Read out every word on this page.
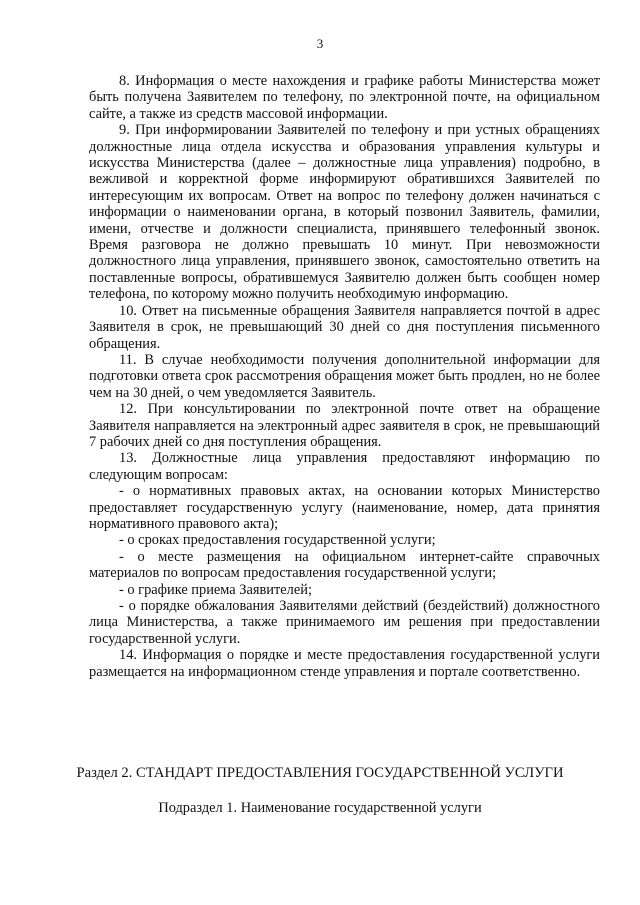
3

8. Информация о месте нахождения и графике работы Министерства может быть получена Заявителем по телефону, по электронной почте, на официальном сайте, а также из средств массовой информации.

9. При информировании Заявителей по телефону и при устных обращениях должностные лица отдела искусства и образования управления культуры и искусства Министерства (далее – должностные лица управления) подробно, в вежливой и корректной форме информируют обратившихся Заявителей по интересующим их вопросам. Ответ на вопрос по телефону должен начинаться с информации о наименовании органа, в который позвонил Заявитель, фамилии, имени, отчестве и должности специалиста, принявшего телефонный звонок. Время разговора не должно превышать 10 минут. При невозможности должностного лица управления, принявшего звонок, самостоятельно ответить на поставленные вопросы, обратившемуся Заявителю должен быть сообщен номер телефона, по которому можно получить необходимую информацию.

10. Ответ на письменные обращения Заявителя направляется почтой в адрес Заявителя в срок, не превышающий 30 дней со дня поступления письменного обращения.

11. В случае необходимости получения дополнительной информации для подготовки ответа срок рассмотрения обращения может быть продлен, но не более чем на 30 дней, о чем уведомляется Заявитель.

12. При консультировании по электронной почте ответ на обращение Заявителя направляется на электронный адрес заявителя в срок, не превышающий 7 рабочих дней со дня поступления обращения.

13. Должностные лица управления предоставляют информацию по следующим вопросам:

- о нормативных правовых актах, на основании которых Министерство предоставляет государственную услугу (наименование, номер, дата принятия нормативного правового акта);

- о сроках предоставления государственной услуги;

- о месте размещения на официальном интернет-сайте справочных материалов по вопросам предоставления государственной услуги;

- о графике приема Заявителей;

- о порядке обжалования Заявителями действий (бездействий) должностного лица Министерства, а также принимаемого им решения при предоставлении государственной услуги.

14. Информация о порядке и месте предоставления государственной услуги размещается на информационном стенде управления и портале соответственно.

Раздел 2. СТАНДАРТ ПРЕДОСТАВЛЕНИЯ ГОСУДАРСТВЕННОЙ УСЛУГИ
Подраздел 1. Наименование государственной услуги
